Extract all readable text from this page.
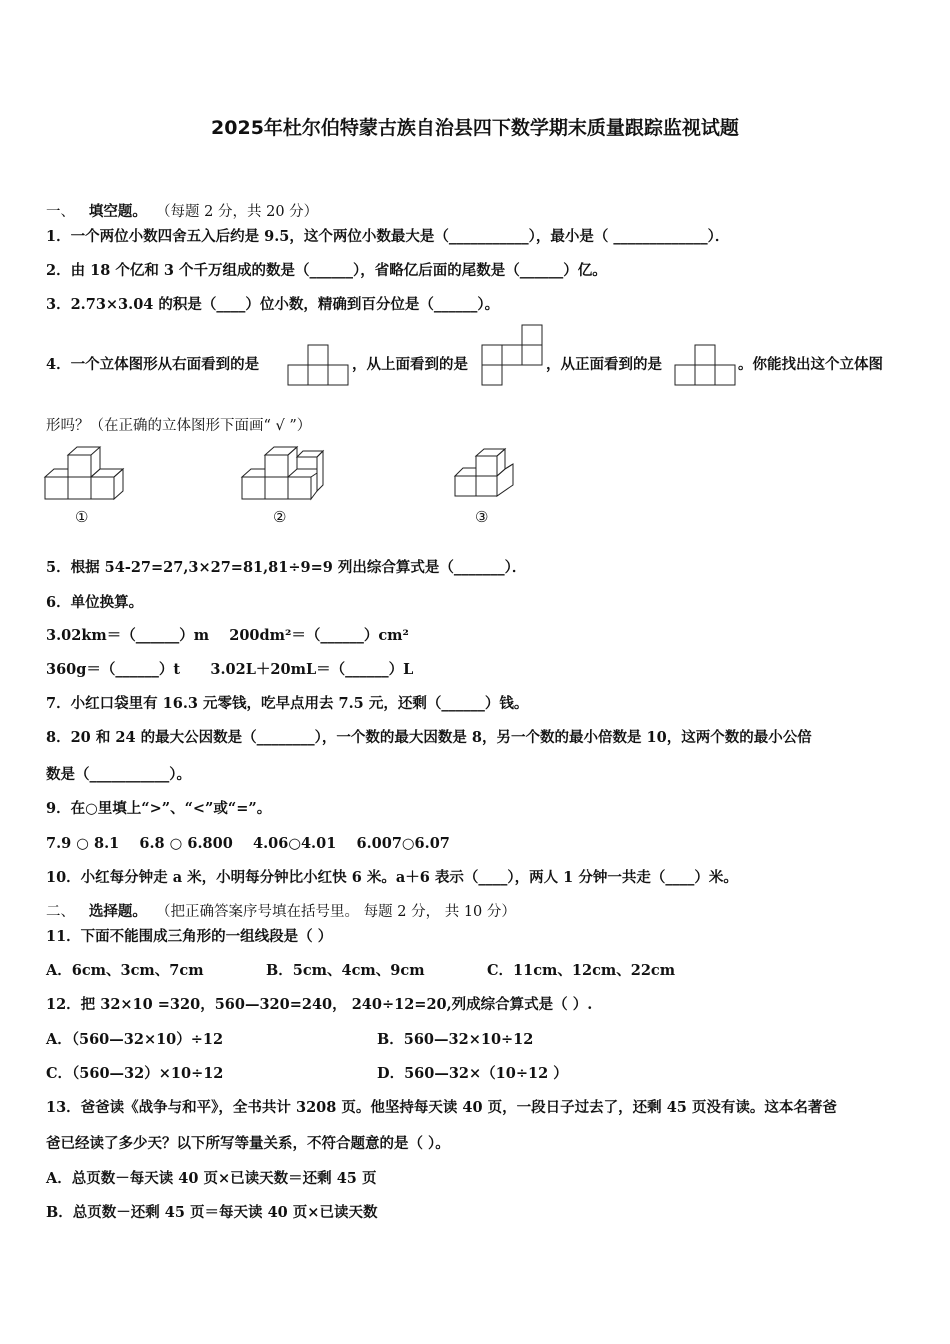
2025年杜尔伯特蒙古族自治县四下数学期末质量跟踪监视试题
一、 填空题。 （每题 2 分，共 20 分）
1．一个两位小数四舍五入后约是 9.5，这个两位小数最大是（___________），最小是（ _____________）．
2．由 18 个亿和 3 个千万组成的数是（______），省略亿后面的尾数是（______）亿。
3．2.73×3.04 的积是（____）位小数，精确到百分位是（______）。
4．一个立体图形从右面看到的是	，从上面看到的是	，从正面看到的是	。你能找出这个立体图
形吗？（在正确的立体图形下面画“ √ ”）
①	②	③
5．根据 54-27=27,3×27=81,81÷9=9 列出综合算式是（_______）．
6．单位换算。
3.02km＝（______）m 200dm²＝（______）cm²
360g＝（______）t 3.02L＋20mL＝（______）L
7．小红口袋里有 16.3 元零钱，吃早点用去 7.5 元，还剩（______）钱。
8．20 和 24 的最大公因数是（________），一个数的最大因数是 8，另一个数的最小倍数是 10，这两个数的最小公倍
数是（___________）。
9．在○里填上“>”、“<”或“=”。
7.9 ○ 8.1 6.8 ○ 6.800 4.06○4.01 6.007○6.07
10．小红每分钟走 a 米，小明每分钟比小红快 6 米。a＋6 表示（____），两人 1 分钟一共走（____）米。
二、 选择题。 （把正确答案序号填在括号里。 每题 2 分， 共 10 分）
11．下面不能围成三角形的一组线段是（ ）
A．6cm、3cm、7cm	B．5cm、4cm、9cm	C．11cm、12cm、22cm
12．把 32×10 =320，560—320=240， 240÷12=20,列成综合算式是（ ）.
A．（560—32×10）÷12	B．560—32×10÷12
C．（560—32）×10÷12	D．560—32×（10÷12 ）
13．爸爸读《战争与和平》，全书共计 3208 页。他坚持每天读 40 页，一段日子过去了，还剩 45 页没有读。这本名著爸
爸已经读了多少天？以下所写等量关系，不符合题意的是（ ）。
A．总页数－每天读 40 页×已读天数＝还剩 45 页
B．总页数－还剩 45 页＝每天读 40 页×已读天数
